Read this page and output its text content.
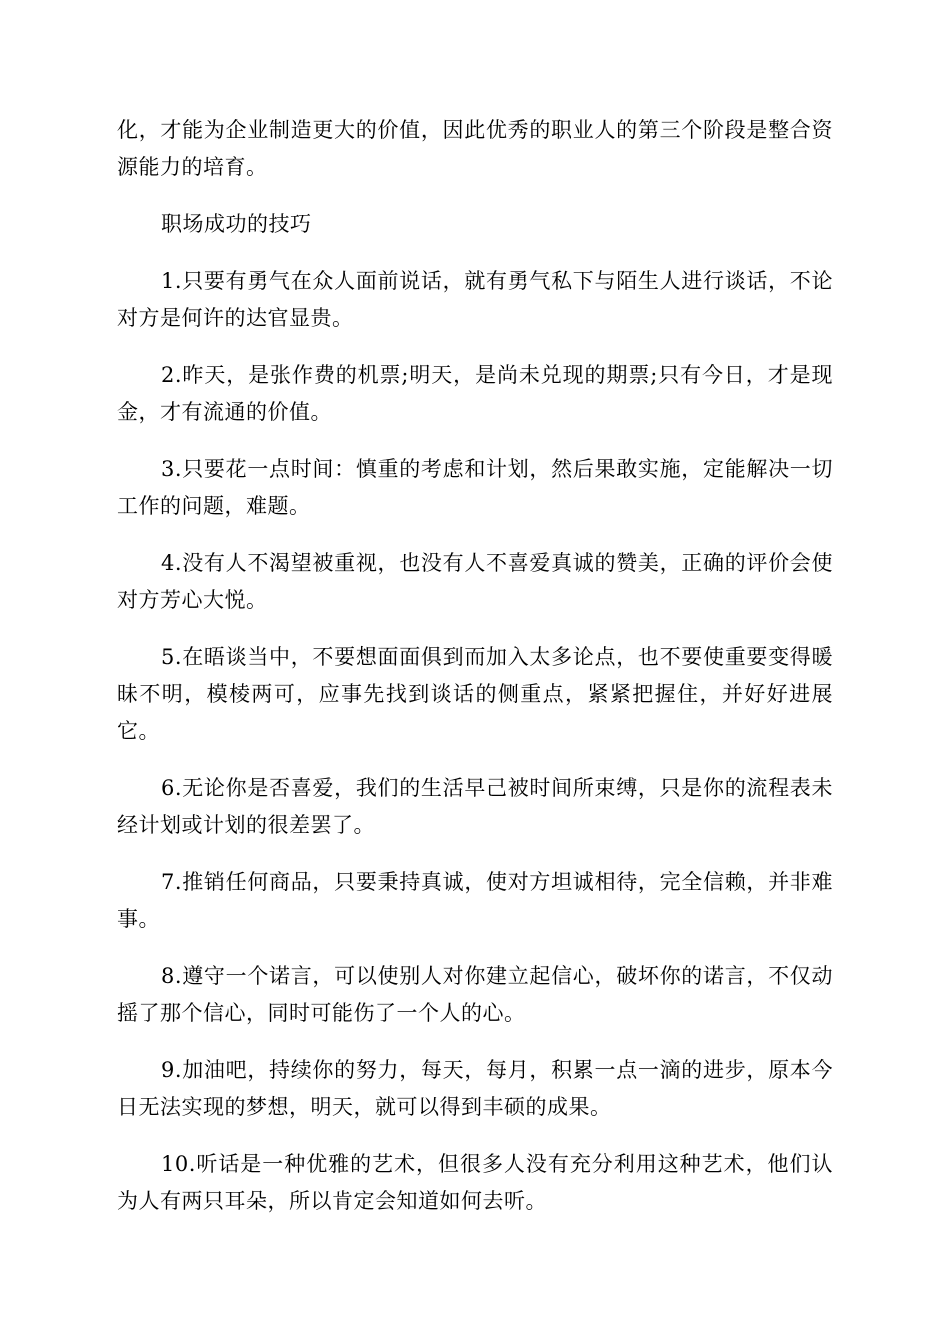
化，才能为企业制造更大的价值，因此优秀的职业人的第三个阶段是整合资源能力的培育。

职场成功的技巧

1.只要有勇气在众人面前说话，就有勇气私下与陌生人进行谈话，不论对方是何许的达官显贵。

2.昨天，是张作费的机票;明天，是尚未兑现的期票;只有今日，才是现金，才有流通的价值。

3.只要花一点时间：慎重的考虑和计划，然后果敢实施，定能解决一切工作的问题，难题。

4.没有人不渴望被重视，也没有人不喜爱真诚的赞美，正确的评价会使对方芳心大悦。

5.在晤谈当中，不要想面面俱到而加入太多论点，也不要使重要变得暖昧不明，模棱两可，应事先找到谈话的侧重点，紧紧把握住，并好好进展它。

6.无论你是否喜爱，我们的生活早己被时间所束缚，只是你的流程表未经计划或计划的很差罢了。

7.推销任何商品，只要秉持真诚，使对方坦诚相待，完全信赖，并非难事。

8.遵守一个诺言，可以使别人对你建立起信心，破坏你的诺言，不仅动摇了那个信心，同时可能伤了一个人的心。

9.加油吧，持续你的努力，每天，每月，积累一点一滴的进步，原本今日无法实现的梦想，明天，就可以得到丰硕的成果。

10.听话是一种优雅的艺术，但很多人没有充分利用这种艺术，他们认为人有两只耳朵，所以肯定会知道如何去听。
